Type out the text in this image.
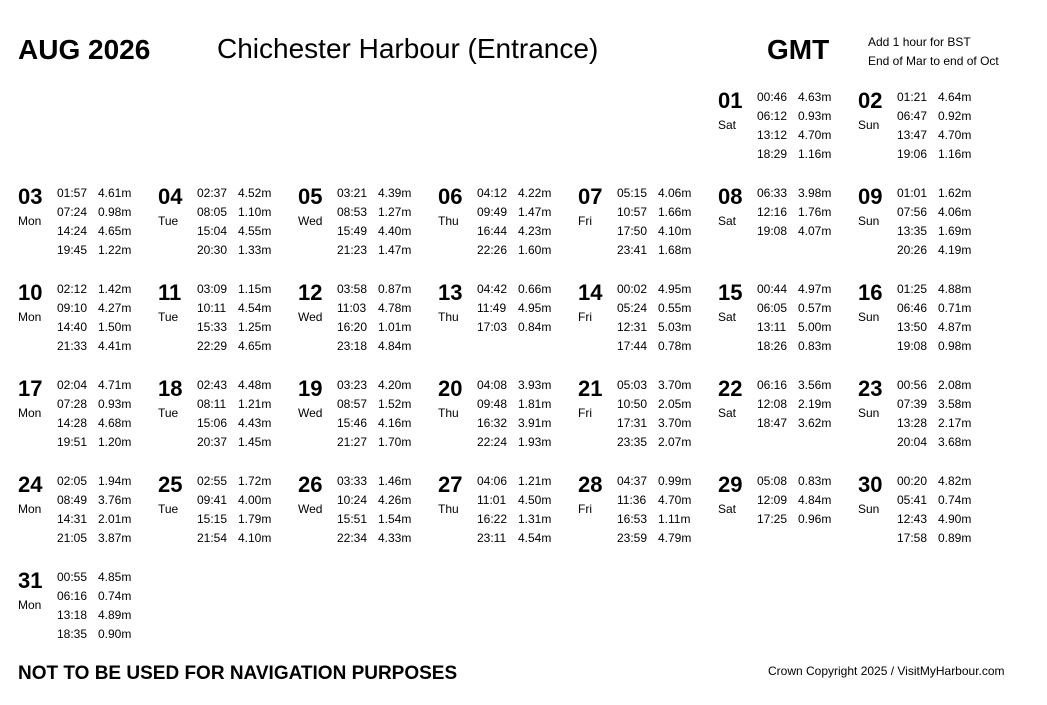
AUG 2026 Chichester Harbour (Entrance)	GMT	Add 1 hour for BST
End of Mar to end of Oct
01
Sat
00:46 4.63m
06:12 0.93m
13:12 4.70m
18:29 1.16m
02
Sun
01:21 4.64m
06:47 0.92m
13:47 4.70m
19:06 1.16m
03
Mon
01:57 4.61m
07:24 0.98m
14:24 4.65m
19:45 1.22m
04
Tue
02:37 4.52m
08:05 1.10m
15:04 4.55m
20:30 1.33m
05
Wed
03:21 4.39m
08:53 1.27m
15:49 4.40m
21:23 1.47m
06
Thu
04:12 4.22m
09:49 1.47m
16:44 4.23m
22:26 1.60m
07
Fri
05:15 4.06m
10:57 1.66m
17:50 4.10m
23:41 1.68m
08
Sat
06:33 3.98m
12:16 1.76m
19:08 4.07m
09
Sun
01:01 1.62m
07:56 4.06m
13:35 1.69m
20:26 4.19m
10
Mon
02:12 1.42m
09:10 4.27m
14:40 1.50m
21:33 4.41m
11
Tue
03:09 1.15m
10:11 4.54m
15:33 1.25m
22:29 4.65m
12
Wed
03:58 0.87m
11:03 4.78m
16:20 1.01m
23:18 4.84m
13
Thu
04:42 0.66m
11:49 4.95m
17:03 0.84m
14
Fri
00:02 4.95m
05:24 0.55m
12:31 5.03m
17:44 0.78m
15
Sat
00:44 4.97m
06:05 0.57m
13:11 5.00m
18:26 0.83m
16
Sun
01:25 4.88m
06:46 0.71m
13:50 4.87m
19:08 0.98m
17
Mon
02:04 4.71m
07:28 0.93m
14:28 4.68m
19:51 1.20m
18
Tue
02:43 4.48m
08:11 1.21m
15:06 4.43m
20:37 1.45m
19
Wed
03:23 4.20m
08:57 1.52m
15:46 4.16m
21:27 1.70m
20
Thu
04:08 3.93m
09:48 1.81m
16:32 3.91m
22:24 1.93m
21
Fri
05:03 3.70m
10:50 2.05m
17:31 3.70m
23:35 2.07m
22
Sat
06:16 3.56m
12:08 2.19m
18:47 3.62m
23
Sun
00:56 2.08m
07:39 3.58m
13:28 2.17m
20:04 3.68m
24
Mon
02:05 1.94m
08:49 3.76m
14:31 2.01m
21:05 3.87m
25
Tue
02:55 1.72m
09:41 4.00m
15:15 1.79m
21:54 4.10m
26
Wed
03:33 1.46m
10:24 4.26m
15:51 1.54m
22:34 4.33m
27
Thu
04:06 1.21m
11:01 4.50m
16:22 1.31m
23:11 4.54m
28
Fri
04:37 0.99m
11:36 4.70m
16:53 1.11m
23:59 4.79m
29
Sat
05:08 0.83m
12:09 4.84m
17:25 0.96m
30
Sun
00:20 4.82m
05:41 0.74m
12:43 4.90m
17:58 0.89m
31
Mon
00:55 4.85m
06:16 0.74m
13:18 4.89m
18:35 0.90m
NOT TO BE USED FOR NAVIGATION PURPOSES	Crown Copyright 2025 / VisitMyHarbour.com
